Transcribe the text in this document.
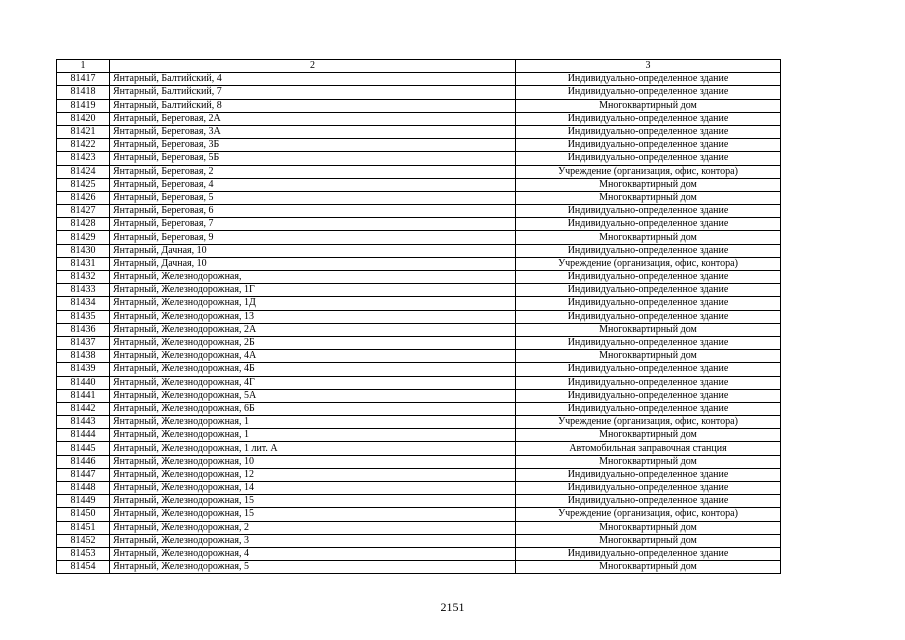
1	2	3
81417	Янтарный, Балтийский, 4	Индивидуально-определенное здание
81418	Янтарный, Балтийский, 7	Индивидуально-определенное здание
81419	Янтарный, Балтийский, 8	Многоквартирный дом
81420	Янтарный, Береговая, 2А	Индивидуально-определенное здание
81421	Янтарный, Береговая, 3А	Индивидуально-определенное здание
81422	Янтарный, Береговая, 3Б	Индивидуально-определенное здание
81423	Янтарный, Береговая, 5Б	Индивидуально-определенное здание
81424	Янтарный, Береговая, 2	Учреждение (организация, офис, контора)
81425	Янтарный, Береговая, 4	Многоквартирный дом
81426	Янтарный, Береговая, 5	Многоквартирный дом
81427	Янтарный, Береговая, 6	Индивидуально-определенное здание
81428	Янтарный, Береговая, 7	Индивидуально-определенное здание
81429	Янтарный, Береговая, 9	Многоквартирный дом
81430	Янтарный, Дачная, 10	Индивидуально-определенное здание
81431	Янтарный, Дачная, 10	Учреждение (организация, офис, контора)
81432	Янтарный, Железнодорожная,	Индивидуально-определенное здание
81433	Янтарный, Железнодорожная, 1Г	Индивидуально-определенное здание
81434	Янтарный, Железнодорожная, 1Д	Индивидуально-определенное здание
81435	Янтарный, Железнодорожная, 13	Индивидуально-определенное здание
81436	Янтарный, Железнодорожная, 2А	Многоквартирный дом
81437	Янтарный, Железнодорожная, 2Б	Индивидуально-определенное здание
81438	Янтарный, Железнодорожная, 4А	Многоквартирный дом
81439	Янтарный, Железнодорожная, 4Б	Индивидуально-определенное здание
81440	Янтарный, Железнодорожная, 4Г	Индивидуально-определенное здание
81441	Янтарный, Железнодорожная, 5А	Индивидуально-определенное здание
81442	Янтарный, Железнодорожная, 6Б	Индивидуально-определенное здание
81443	Янтарный, Железнодорожная, 1	Учреждение (организация, офис, контора)
81444	Янтарный, Железнодорожная, 1	Многоквартирный дом
81445	Янтарный, Железнодорожная, 1 лит. А	Автомобильная заправочная станция
81446	Янтарный, Железнодорожная, 10	Многоквартирный дом
81447	Янтарный, Железнодорожная, 12	Индивидуально-определенное здание
81448	Янтарный, Железнодорожная, 14	Индивидуально-определенное здание
81449	Янтарный, Железнодорожная, 15	Индивидуально-определенное здание
81450	Янтарный, Железнодорожная, 15	Учреждение (организация, офис, контора)
81451	Янтарный, Железнодорожная, 2	Многоквартирный дом
81452	Янтарный, Железнодорожная, 3	Многоквартирный дом
81453	Янтарный, Железнодорожная, 4	Индивидуально-определенное здание
81454	Янтарный, Железнодорожная, 5	Многоквартирный дом
2151
